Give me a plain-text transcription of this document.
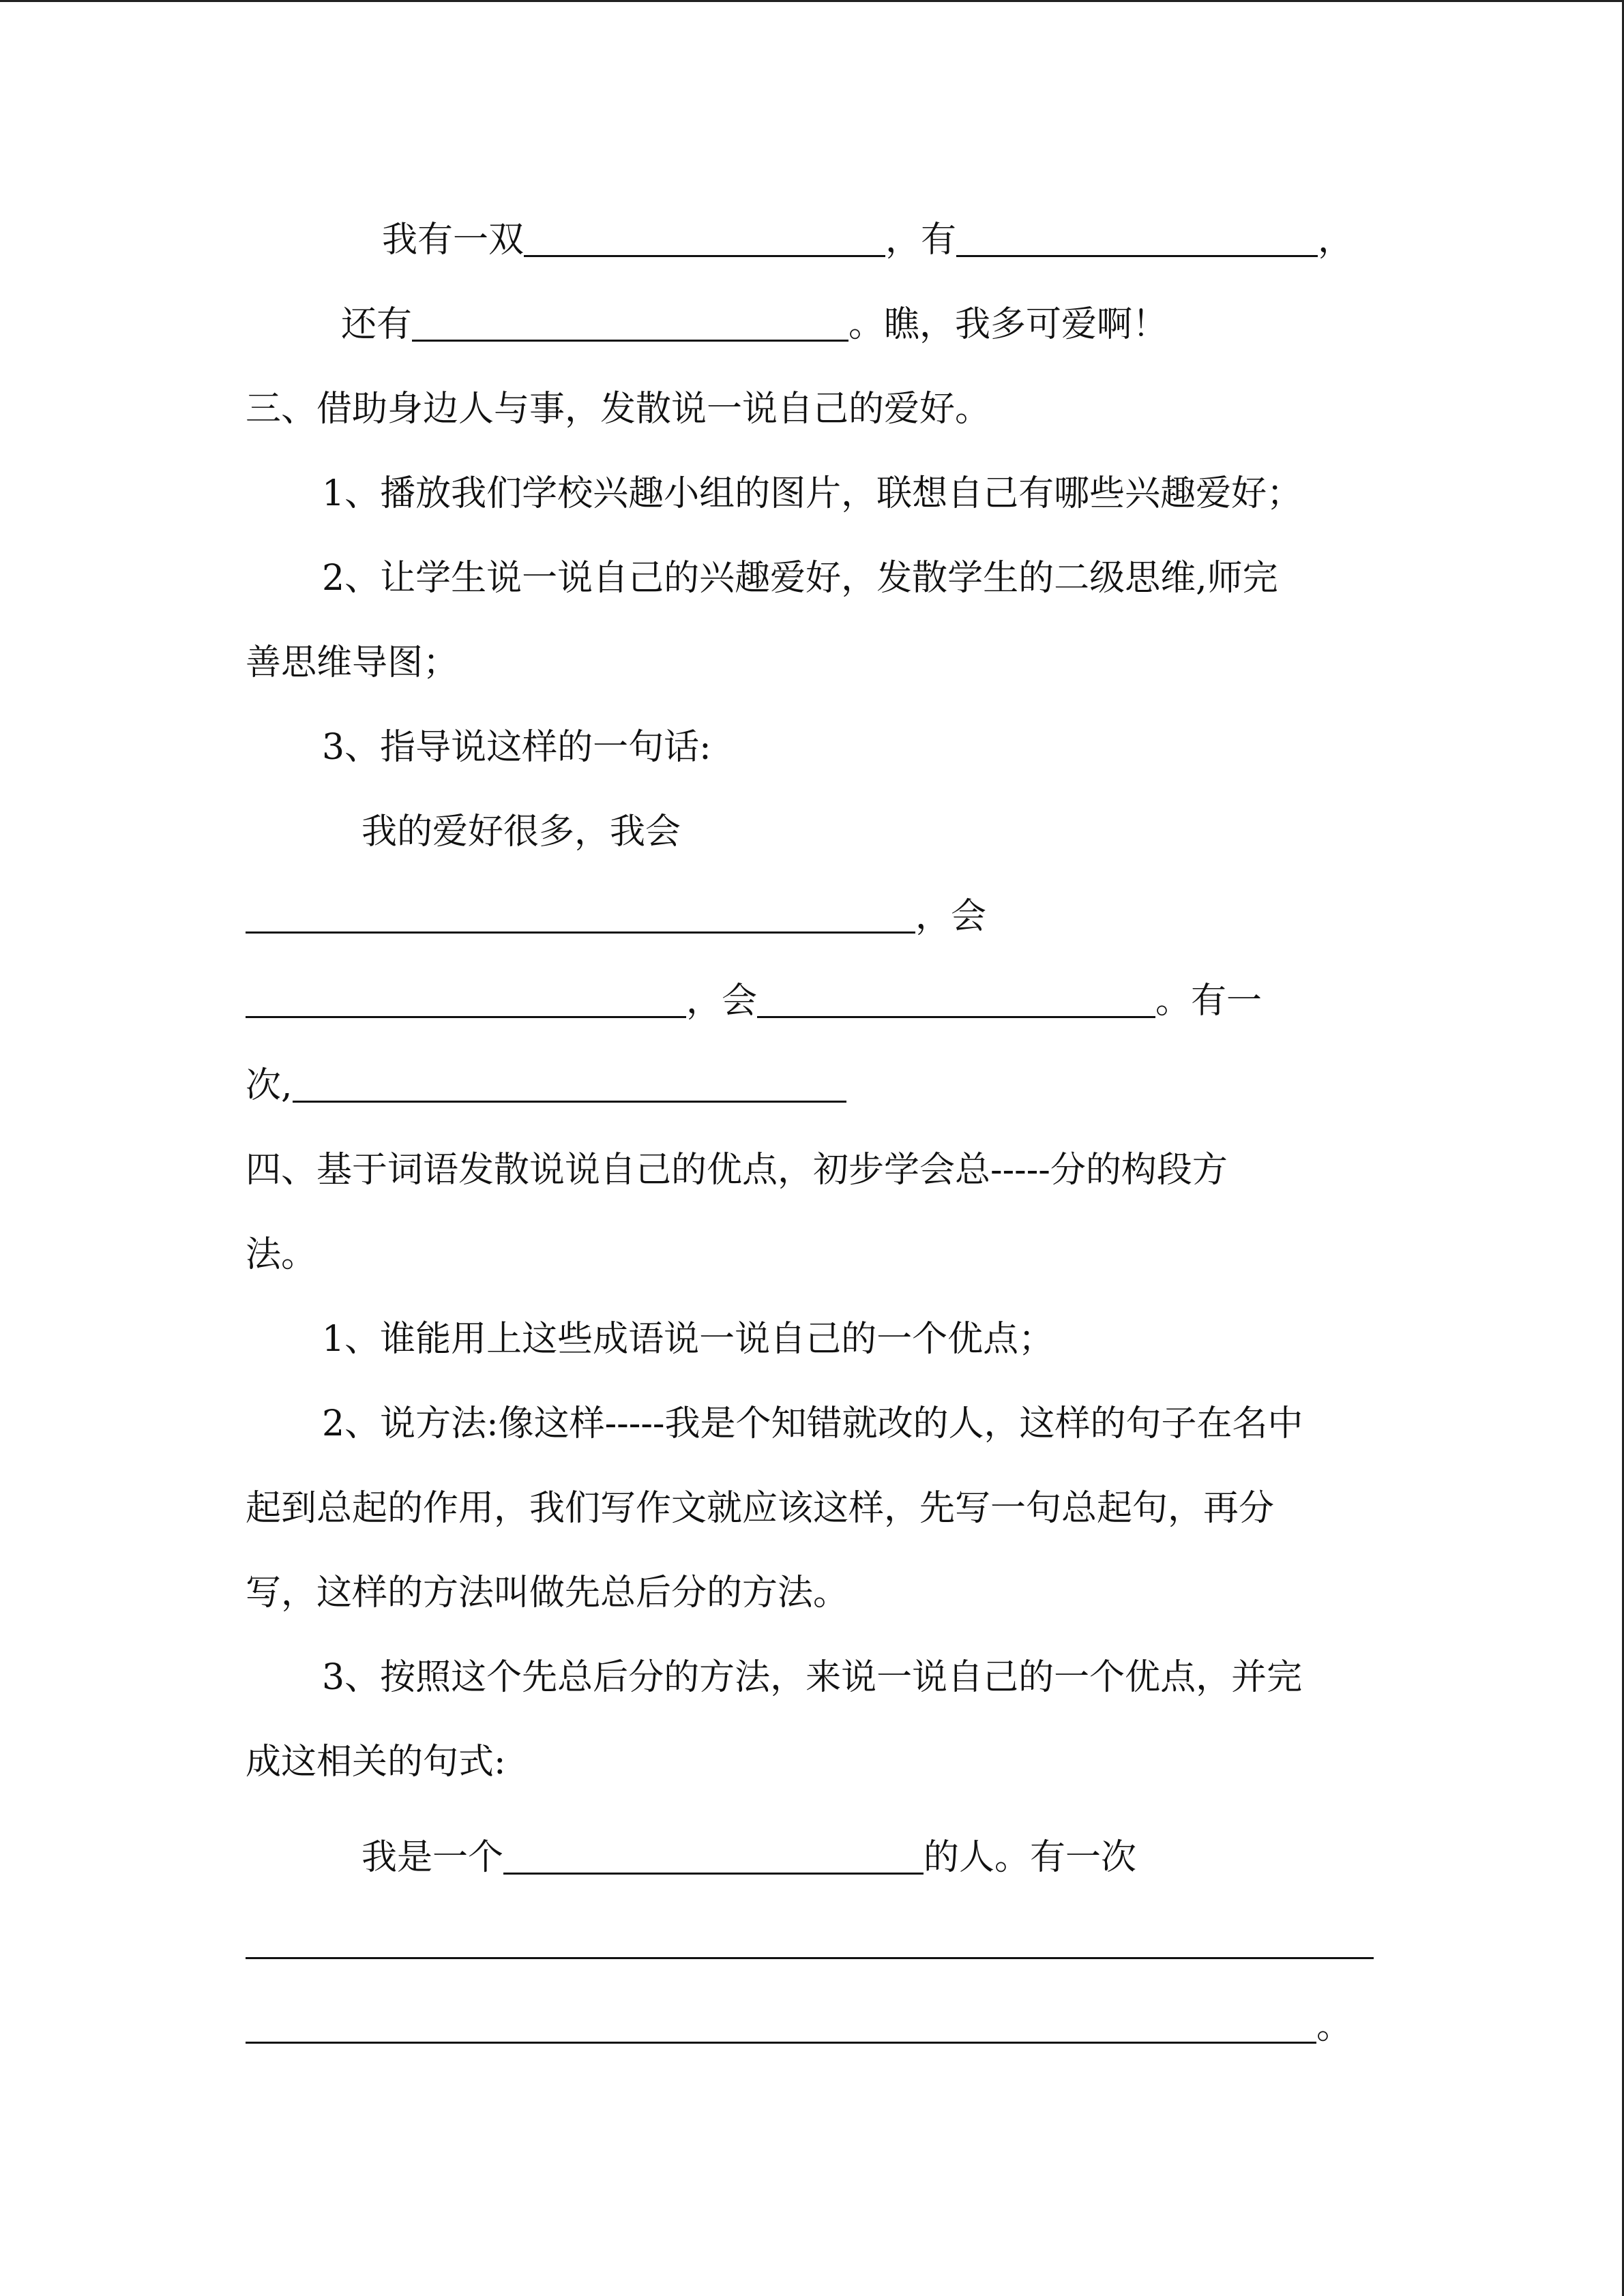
我有一双	，有	，
还有	。瞧，我多可爱啊！
三、借助身边人与事，发散说一说自己的爱好。
1、播放我们学校兴趣小组的图片，联想自己有哪些兴趣爱好；
2、让学生说一说自己的兴趣爱好，发散学生的二级思维,师完
善思维导图；
3、指导说这样的一句话:
我的爱好很多，我会
，会
，会	。有一
次,
四、基于词语发散说说自己的优点，初步学会总-----分的构段方
法。
1、谁能用上这些成语说一说自己的一个优点；
2、说方法:像这样-----我是个知错就改的人，这样的句子在名中
起到总起的作用，我们写作文就应该这样，先写一句总起句，再分
写，这样的方法叫做先总后分的方法。
3、按照这个先总后分的方法，来说一说自己的一个优点，并完
成这相关的句式:
我是一个	的人。有一次
。
